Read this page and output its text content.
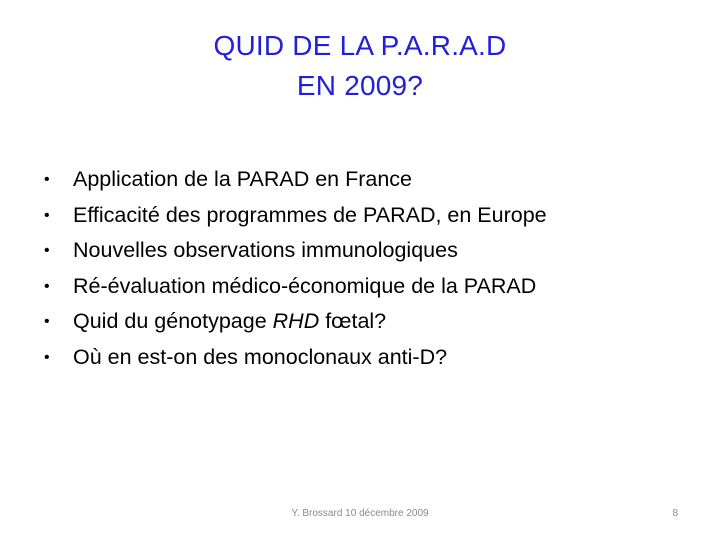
QUID DE LA P.A.R.A.D
EN 2009?
•	Application de la PARAD en France
•	Efficacité des programmes de PARAD, en Europe
•	Nouvelles observations immunologiques
•	Ré-évaluation médico-économique de la PARAD
•	Quid du génotypage RHD fœtal?
•	Où en est-on des monoclonaux anti-D?
Y. Brossard 10 décembre 2009	8
